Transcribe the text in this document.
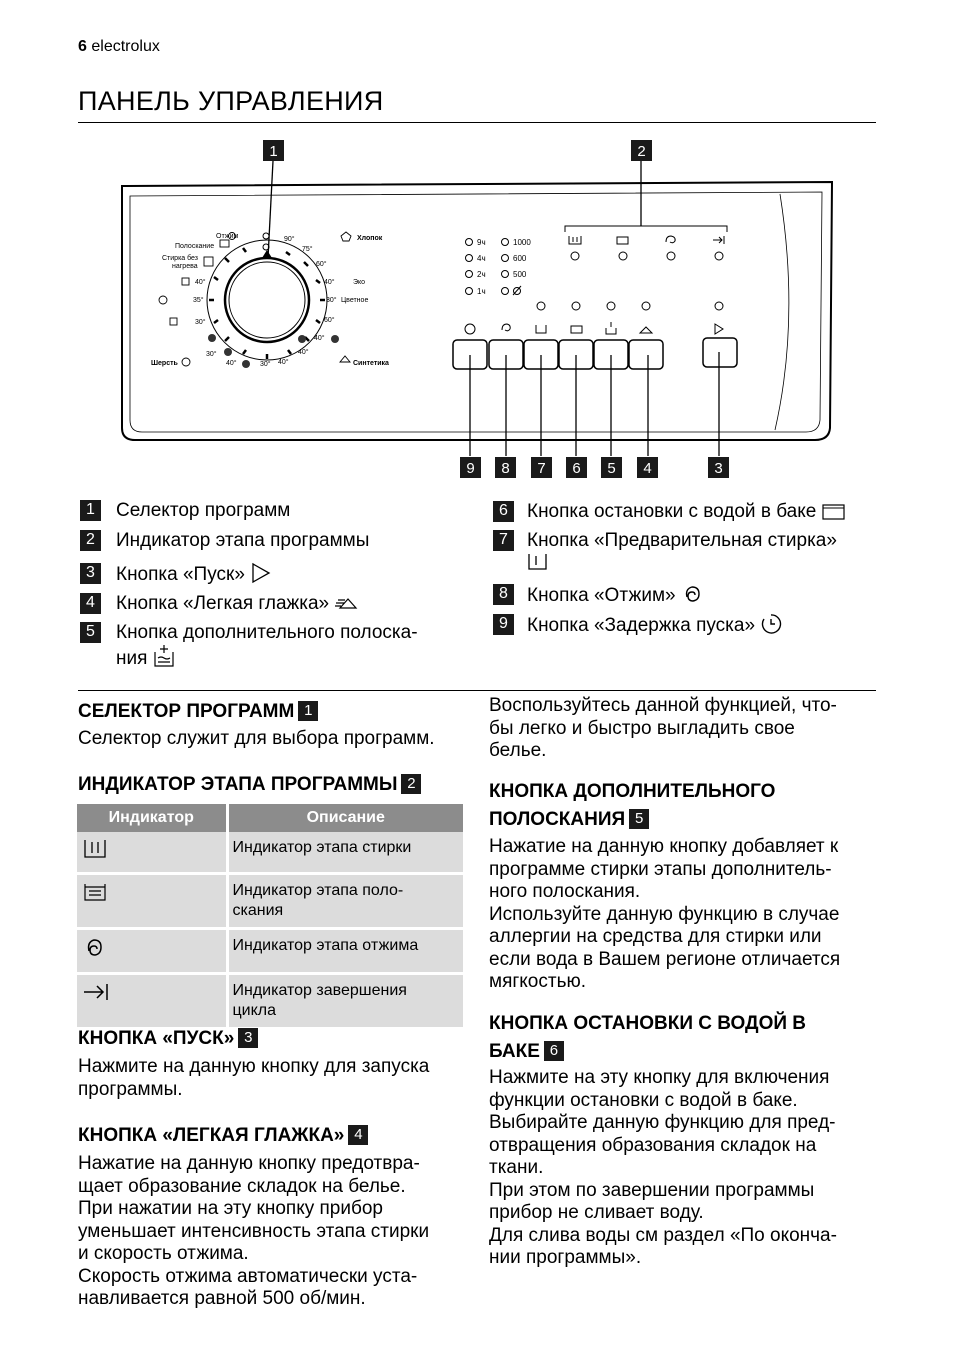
6 electrolux
ПАНЕЛЬ УПРАВЛЕНИЯ
1	2
Отжим
Полоскание
Стирка без
нагрева
90°
75°
60°
40°	Эко
30° Цветное
60°
40°
40°
40°
30°
40°
30°
40°
35°
30°
Хлопок
Шерсть	Синтетика
9ч
4ч
2ч
1ч
1000
600
500
9 8 7 6 5 4	3
1	Селектор программ
2	Индикатор этапа программы
3	Кнопка «Пуск»
4	Кнопка «Легкая глажка»
5	Кнопка дополнительного полоска-
ния
6	Кнопка остановки с водой в баке
7	Кнопка «Предварительная стирка»

8	Кнопка «Отжим»
9	Кнопка «Задержка пуска»
СЕЛЕКТОР ПРОГРАММ 1
Селектор служит для выбора программ.
ИНДИКАТОР ЭТАПА ПРОГРАММЫ 2
Индикатор	Описание
	Индикатор этапа стирки
	Индикатор этапа поло-
скания
	Индикатор этапа отжима
	Индикатор завершения
цикла
КНОПКА «ПУСК» 3
Нажмите на данную кнопку для запуска
программы.
КНОПКА «ЛЕГКАЯ ГЛАЖКА» 4
Нажатие на данную кнопку предотвра-
щает образование складок на белье.
При нажатии на эту кнопку прибор
уменьшает интенсивность этапа стирки
и скорость отжима.
Скорость отжима автоматически уста-
навливается равной 500 об/мин.
Воспользуйтесь данной функцией, что-
бы легко и быстро выгладить свое
белье.
КНОПКА ДОПОЛНИТЕЛЬНОГО
ПОЛОСКАНИЯ 5
Нажатие на данную кнопку добавляет к
программе стирки этапы дополнитель-
ного полоскания.
Используйте данную функцию в случае
аллергии на средства для стирки или
если вода в Вашем регионе отличается
мягкостью.
КНОПКА ОСТАНОВКИ С ВОДОЙ В
БАКЕ 6
Нажмите на эту кнопку для включения
функции остановки с водой в баке.
Выбирайте данную функцию для пред-
отвращения образования складок на
ткани.
При этом по завершении программы
прибор не сливает воду.
Для слива воды см раздел «По оконча-
нии программы».
